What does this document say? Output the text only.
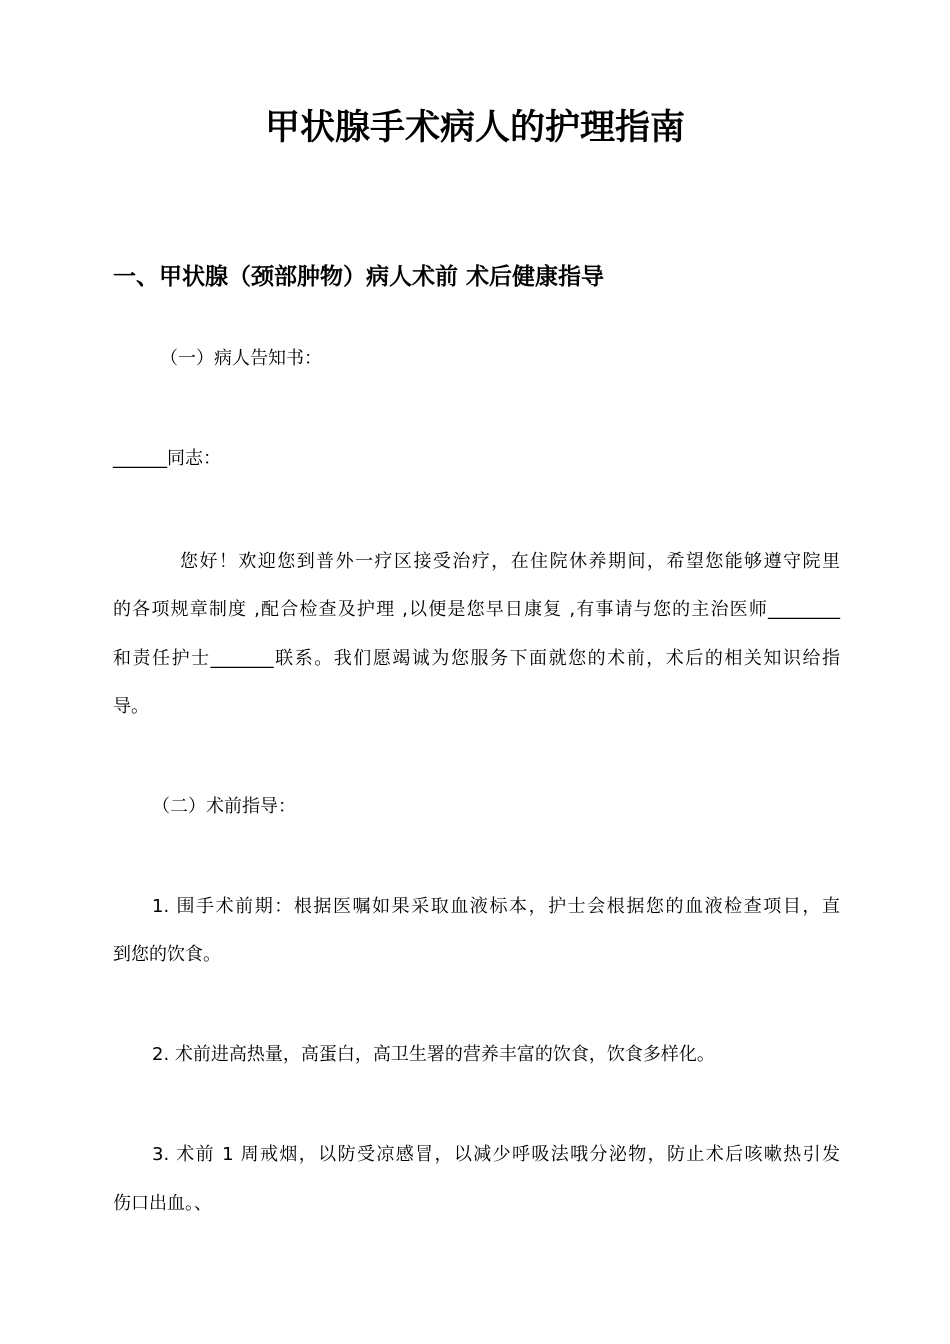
甲状腺手术病人的护理指南
一、甲状腺（颈部肿物）病人术前 术后健康指导
（一）病人告知书：
______同志：
您好！欢迎您到普外一疗区接受治疗，在住院休养期间，希望您能够遵守院里
的各项规章制度 ,配合检查及护理 ,以便是您早日康复 ,有事请与您的主治医师________
和责任护士_______联系。我们愿竭诚为您服务下面就您的术前，术后的相关知识给指
导。
（二）术前指导：
1. 围手术前期：根据医嘱如果采取血液标本，护士会根据您的血液检查项目，直
到您的饮食。
2. 术前进高热量，高蛋白，高卫生署的营养丰富的饮食，饮食多样化。
3. 术前 1 周戒烟，以防受凉感冒，以减少呼吸法哦分泌物，防止术后咳嗽热引发
伤口出血。、
